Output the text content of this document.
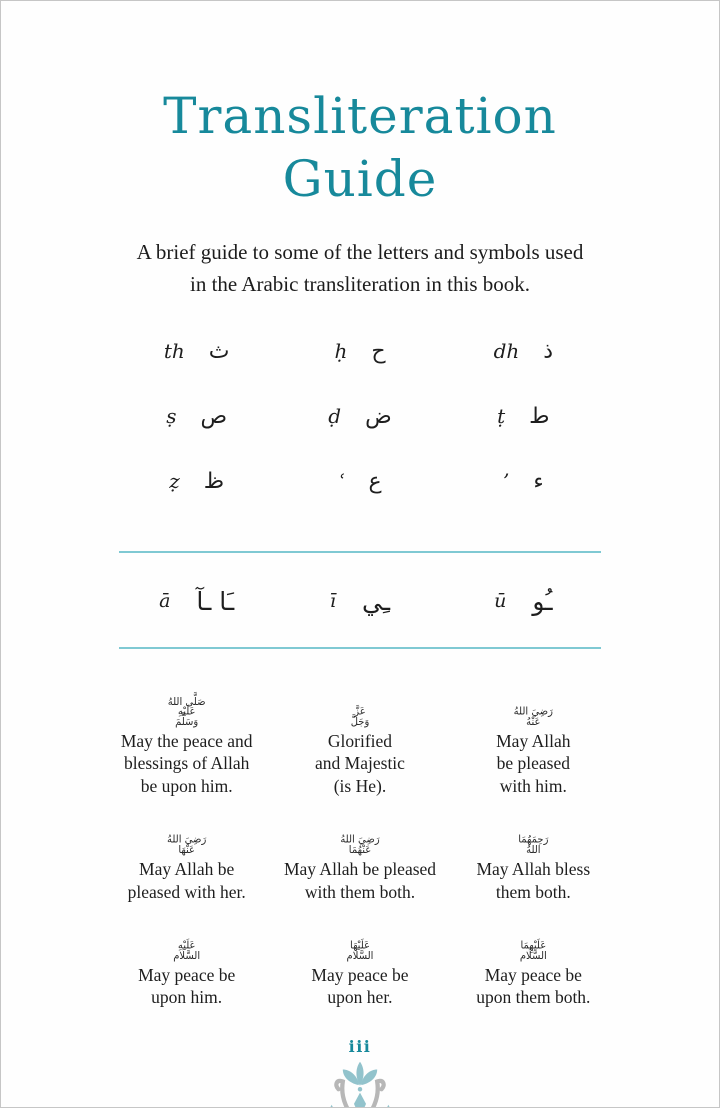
Transliteration
Guide
A brief guide to some of the letters and symbols used
in the Arabic transliteration in this book.
th ث	ḥ ح	dh ذ
ṣ ص	ḍ ض	ṭ ط
ẓ ظ	ʿ ع	’ ء
ā ـَا ـآ	ī ـِي	ū ـُو
صَلَّى اللهُ
عَلَيْهِ
وَسَلَّمَ
May the peace and
blessings of Allah
be upon him.
عَزَّ
وَجَلَّ
Glorified
and Majestic
(is He).
رَضِيَ اللهُ
عَنْهُ
May Allah
be pleased
with him.
رَضِيَ اللهُ
عَنْهَا
May Allah be
pleased with her.
رَضِيَ اللهُ
عَنْهُمَا
May Allah be pleased
with them both.
رَحِمَهُمَا
اللهُ
May Allah bless
them both.
عَلَيْهِ
السَّلَام
May peace be
upon him.
عَلَيْهَا
السَّلَام
May peace be
upon her.
عَلَيْهِمَا
السَّلَام
May peace be
upon them both.
iii
